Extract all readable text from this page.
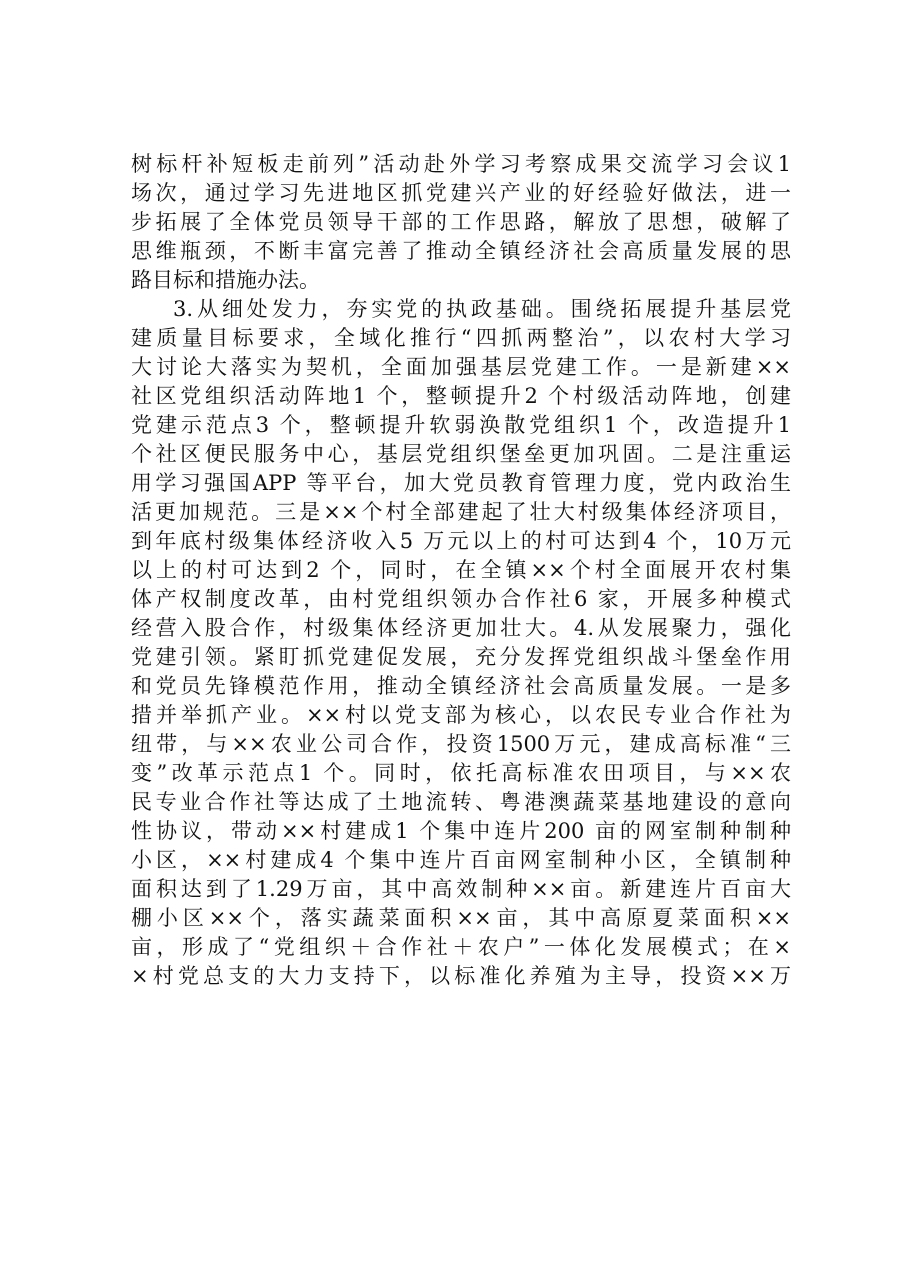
树标杆补短板走前列”活动赴外学习考察成果交流学习会议1
场次，通过学习先进地区抓党建兴产业的好经验好做法，进一
步拓展了全体党员领导干部的工作思路，解放了思想，破解了
思维瓶颈，不断丰富完善了推动全镇经济社会高质量发展的思
路目标和措施办法。
3.从细处发力，夯实党的执政基础。围绕拓展提升基层党
建质量目标要求，全域化推行“四抓两整治”，以农村大学习
大讨论大落实为契机，全面加强基层党建工作。一是新建××
社区党组织活动阵地1 个，整顿提升2 个村级活动阵地，创建
党建示范点3 个，整顿提升软弱涣散党组织1 个，改造提升1
个社区便民服务中心，基层党组织堡垒更加巩固。二是注重运
用学习强国APP 等平台，加大党员教育管理力度，党内政治生
活更加规范。三是××个村全部建起了壮大村级集体经济项目，
到年底村级集体经济收入5 万元以上的村可达到4 个，10万元
以上的村可达到2 个，同时，在全镇××个村全面展开农村集
体产权制度改革，由村党组织领办合作社6 家，开展多种模式
经营入股合作，村级集体经济更加壮大。4.从发展聚力，强化
党建引领。紧盯抓党建促发展，充分发挥党组织战斗堡垒作用
和党员先锋模范作用，推动全镇经济社会高质量发展。一是多
措并举抓产业。××村以党支部为核心，以农民专业合作社为
纽带，与××农业公司合作，投资1500万元，建成高标准“三
变”改革示范点1 个。同时，依托高标准农田项目，与××农
民专业合作社等达成了土地流转、粤港澳蔬菜基地建设的意向
性协议，带动××村建成1 个集中连片200 亩的网室制种制种
小区，××村建成4 个集中连片百亩网室制种小区，全镇制种
面积达到了1.29万亩，其中高效制种××亩。新建连片百亩大
棚小区××个，落实蔬菜面积××亩，其中高原夏菜面积××
亩，形成了“党组织＋合作社＋农户”一体化发展模式；在×
×村党总支的大力支持下，以标准化养殖为主导，投资××万
